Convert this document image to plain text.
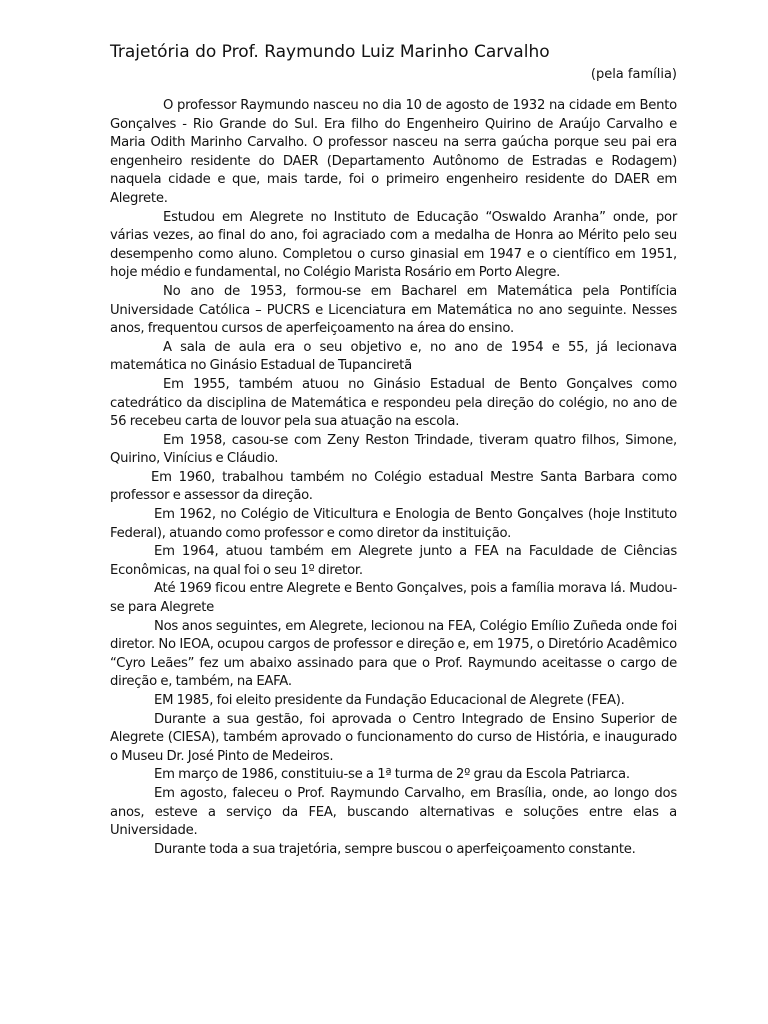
Trajetória do Prof. Raymundo Luiz Marinho Carvalho
(pela família)

O professor Raymundo nasceu no dia 10 de agosto de 1932 na cidade em Bento Gonçalves - Rio Grande do Sul. Era filho do Engenheiro Quirino de Araújo Carvalho e Maria Odith Marinho Carvalho. O professor nasceu na serra gaúcha porque seu pai era engenheiro residente do DAER (Departamento Autônomo de Estradas e Rodagem) naquela cidade e que, mais tarde, foi o primeiro engenheiro residente do DAER em Alegrete.

Estudou em Alegrete no Instituto de Educação “Oswaldo Aranha” onde, por várias vezes, ao final do ano, foi agraciado com a medalha de Honra ao Mérito pelo seu desempenho como aluno. Completou o curso ginasial em 1947 e o científico em 1951, hoje médio e fundamental, no Colégio Marista Rosário em Porto Alegre.

No ano de 1953, formou-se em Bacharel em Matemática pela Pontifícia Universidade Católica – PUCRS e Licenciatura em Matemática no ano seguinte. Nesses anos, frequentou cursos de aperfeiçoamento na área do ensino.

A sala de aula era o seu objetivo e, no ano de 1954 e 55, já lecionava matemática no Ginásio Estadual de Tupanciretã

Em 1955, também atuou no Ginásio Estadual de Bento Gonçalves como catedrático da disciplina de Matemática e respondeu pela direção do colégio, no ano de 56 recebeu carta de louvor pela sua atuação na escola.

Em 1958, casou-se com Zeny Reston Trindade, tiveram quatro filhos, Simone, Quirino, Vinícius e Cláudio.

Em 1960, trabalhou também no Colégio estadual Mestre Santa Barbara como professor e assessor da direção.

Em 1962, no Colégio de Viticultura e Enologia de Bento Gonçalves (hoje Instituto Federal), atuando como professor e como diretor da instituição.

Em 1964, atuou também em Alegrete junto a FEA na Faculdade de Ciências Econômicas, na qual foi o seu 1º diretor.

Até 1969 ficou entre Alegrete e Bento Gonçalves, pois a família morava lá. Mudou-se para Alegrete

Nos anos seguintes, em Alegrete, lecionou na FEA, Colégio Emílio Zuñeda onde foi diretor. No IEOA, ocupou cargos de professor e direção e, em 1975, o Diretório Acadêmico “Cyro Leães” fez um abaixo assinado para que o Prof. Raymundo aceitasse o cargo de direção e, também, na EAFA.

EM 1985, foi eleito presidente da Fundação Educacional de Alegrete (FEA).

Durante a sua gestão, foi aprovada o Centro Integrado de Ensino Superior de Alegrete (CIESA), também aprovado o funcionamento do curso de História, e inaugurado o Museu Dr. José Pinto de Medeiros.

Em março de 1986, constituiu-se a 1ª turma de 2º grau da Escola Patriarca.

Em agosto, faleceu o Prof. Raymundo Carvalho, em Brasília, onde, ao longo dos anos, esteve a serviço da FEA, buscando alternativas e soluções entre elas a Universidade.

Durante toda a sua trajetória, sempre buscou o aperfeiçoamento constante.
